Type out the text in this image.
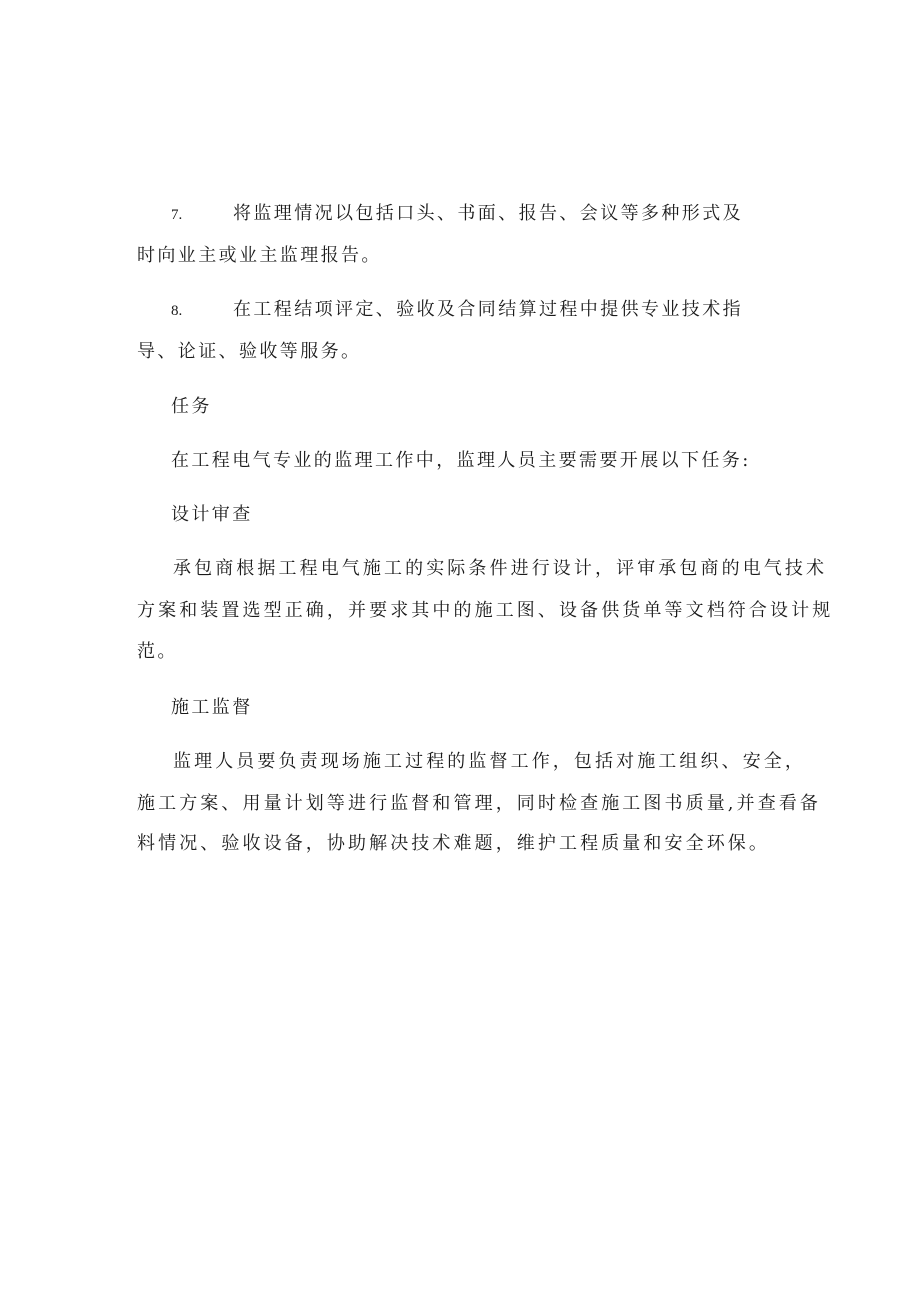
7.	将监理情况以包括口头、书面、报告、会议等多种形式及
时向业主或业主监理报告。
8.	在工程结项评定、验收及合同结算过程中提供专业技术指
导、论证、验收等服务。
任务
在工程电气专业的监理工作中，监理人员主要需要开展以下任务:
设计审查
承包商根据工程电气施工的实际条件进行设计，评审承包商的电气技术
方案和装置选型正确，并要求其中的施工图、设备供货单等文档符合设计规
范。
施工监督
监理人员要负责现场施工过程的监督工作，包括对施工组织、安全，
施工方案、用量计划等进行监督和管理，同时检查施工图书质量,并查看备
料情况、验收设备，协助解决技术难题，维护工程质量和安全环保。
